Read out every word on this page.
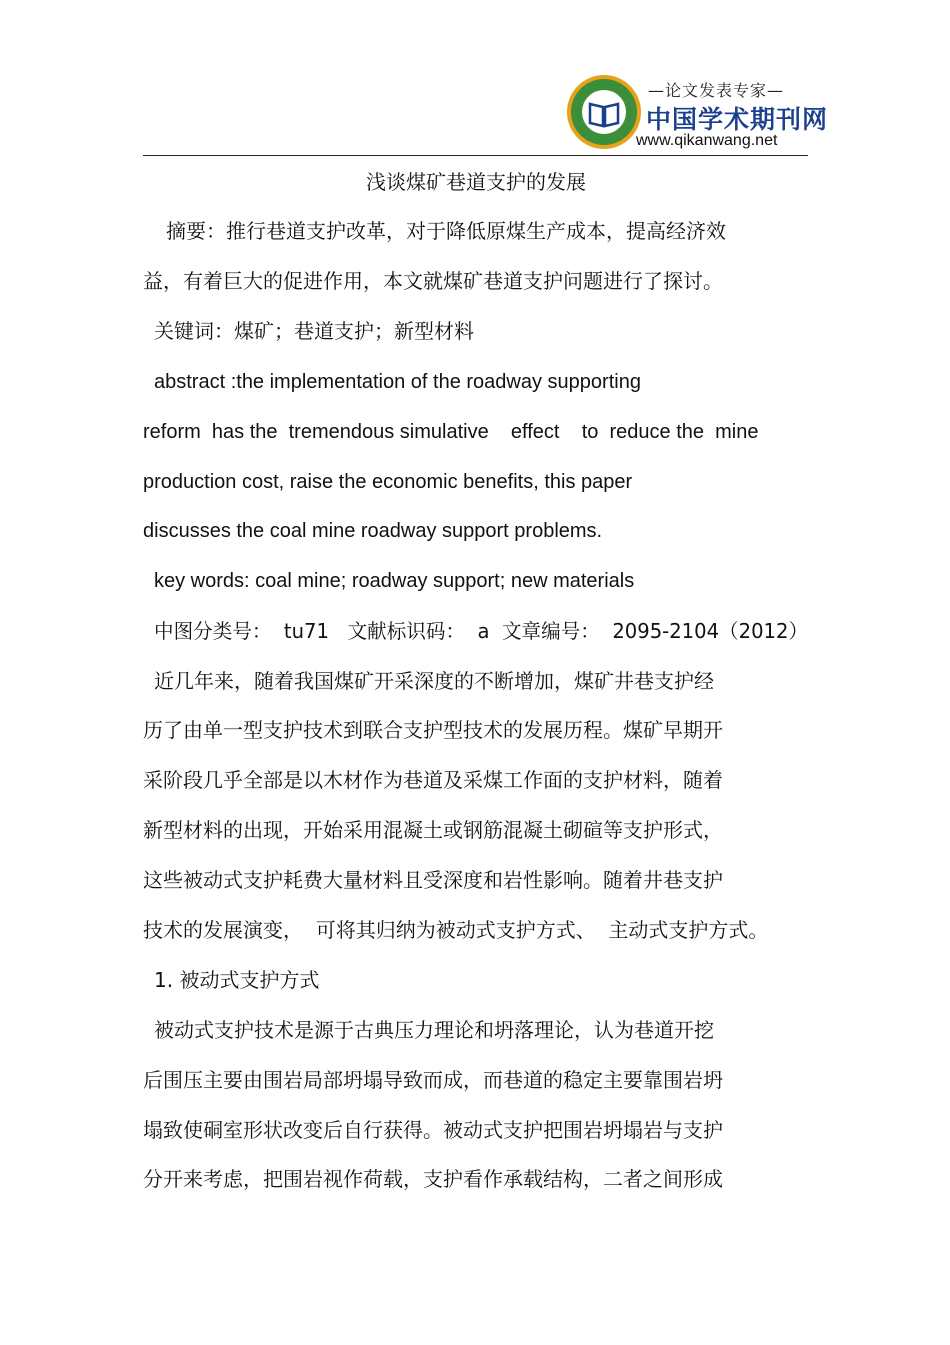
—论文发表专家—
中国学术期刊网
www.qikanwang.net
浅谈煤矿巷道支护的发展
摘要：推行巷道支护改革，对于降低原煤生产成本，提高经济效
益，有着巨大的促进作用，本文就煤矿巷道支护问题进行了探讨。
关键词：煤矿；巷道支护；新型材料
abstract :the implementation of the roadway supporting
reform  has the  tremendous simulative    effect    to  reduce the  mine
production cost, raise the economic benefits, this paper
discusses the coal mine roadway support problems.
key words: coal mine; roadway support; new materials
中图分类号：  tu71   文献标识码：  a  文章编号：  2095-2104（2012）
近几年来，随着我国煤矿开采深度的不断增加，煤矿井巷支护经
历了由单一型支护技术到联合支护型技术的发展历程。煤矿早期开
采阶段几乎全部是以木材作为巷道及采煤工作面的支护材料，随着
新型材料的出现，开始采用混凝土或钢筋混凝土砌碹等支护形式，
这些被动式支护耗费大量材料且受深度和岩性影响。随着井巷支护
技术的发展演变，  可将其归纳为被动式支护方式、  主动式支护方式。
1. 被动式支护方式
被动式支护技术是源于古典压力理论和坍落理论，认为巷道开挖
后围压主要由围岩局部坍塌导致而成，而巷道的稳定主要靠围岩坍
塌致使硐室形状改变后自行获得。被动式支护把围岩坍塌岩与支护
分开来考虑，把围岩视作荷载，支护看作承载结构，二者之间形成
